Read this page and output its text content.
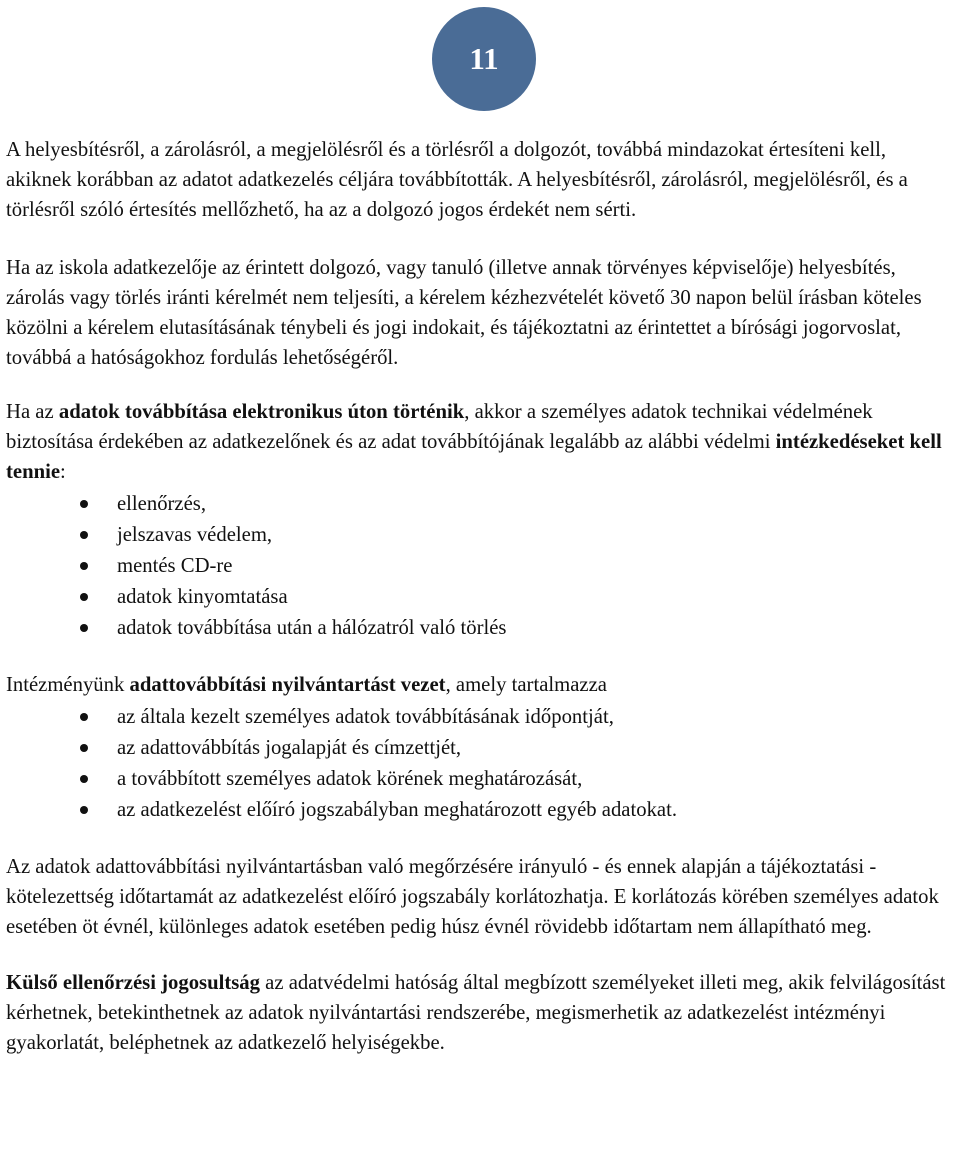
11

A helyesbítésről, a zárolásról, a megjelölésről és a törlésről a dolgozót, továbbá mindazokat értesíteni kell, akiknek korábban az adatot adatkezelés céljára továbbították. A helyesbítésről, zárolásról, megjelölésről, és a törlésről szóló értesítés mellőzhető, ha az a dolgozó jogos érdekét nem sérti.

Ha az iskola adatkezelője az érintett dolgozó, vagy tanuló (illetve annak törvényes képviselője) helyesbítés, zárolás vagy törlés iránti kérelmét nem teljesíti, a kérelem kézhezvételét követő 30 napon belül írásban köteles közölni a kérelem elutasításának ténybeli és jogi indokait, és tájékoztatni az érintettet a bírósági jogorvoslat, továbbá a hatóságokhoz fordulás lehetőségéről.

Ha az adatok továbbítása elektronikus úton történik, akkor a személyes adatok technikai védelmének biztosítása érdekében az adatkezelőnek és az adat továbbítójának legalább az alábbi védelmi intézkedéseket kell tennie:

ellenőrzés,
jelszavas védelem,
mentés CD-re
adatok kinyomtatása
adatok továbbítása után a hálózatról való törlés

Intézményünk adattovábbítási nyilvántartást vezet, amely tartalmazza

az általa kezelt személyes adatok továbbításának időpontját,
az adattovábbítás jogalapját és címzettjét,
a továbbított személyes adatok körének meghatározását,
az adatkezelést előíró jogszabályban meghatározott egyéb adatokat.

Az adatok adattovábbítási nyilvántartásban való megőrzésére irányuló - és ennek alapján a tájékoztatási - kötelezettség időtartamát az adatkezelést előíró jogszabály korlátozhatja. E korlátozás körében személyes adatok esetében öt évnél, különleges adatok esetében pedig húsz évnél rövidebb időtartam nem állapítható meg.

Külső ellenőrzési jogosultság az adatvédelmi hatóság által megbízott személyeket illeti meg, akik felvilágosítást kérhetnek, betekinthetnek az adatok nyilvántartási rendszerébe, megismerhetik az adatkezelést intézményi gyakorlatát, beléphetnek az adatkezelő helyiségekbe.
